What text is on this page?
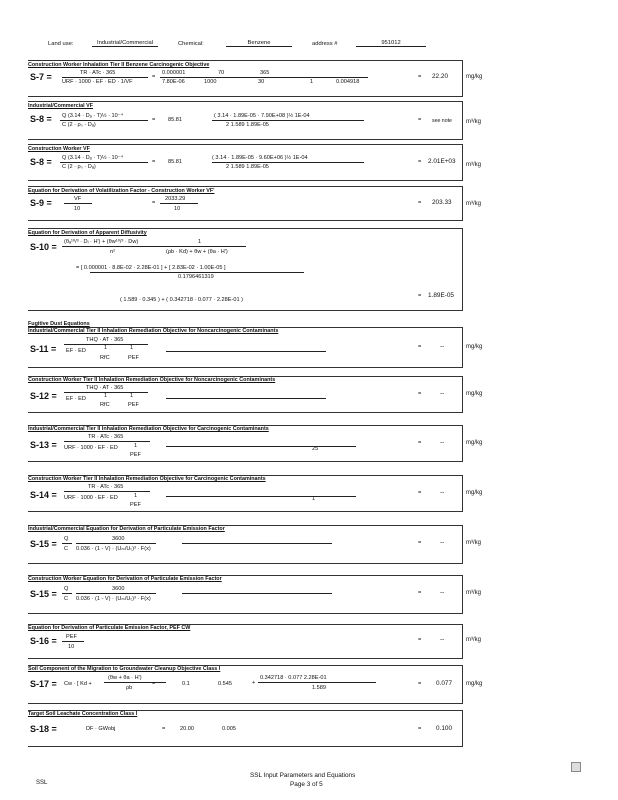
Land use:	Industrial/Commercial	Chemical:	Benzene	address #	951012
Construction Worker Inhalation Tier II Benzene Carcinogenic Objective
S-7 =	TR · ATc · 365
URF · 1000 · EF · ED · 1/VF
=
0.000001	70	365
7.80E-06	1000	30	1	0.004918
= 22.20	mg/kg
Industrial/Commercial VF
S-8 = Q (3.14 · Dₐ · T)½ · 10⁻⁴
C (2 · ρₛ · Dₐ)
= 85.81
( 3.14 · 1.89E-05 · 7.90E+08 )½ 1E-04
2 1.589 1.89E-05
= see note m³/kg
Construction Worker VF
S-8 = Q (3.14 · Dₐ · T)½ · 10⁻⁴
C (2 · ρₛ · Dₐ)
= 85.81
( 3.14 · 1.89E-05 · 9.60E+06 )½ 1E-04
2 1.589 1.89E-05
= 2.01E+03 m³/kg
Equation for Derivation of Volatilization Factor - Construction Worker VF'
S-9 =	VF
10
=
2033.29
10
= 203.33 m³/kg
Equation for Derivation of Apparent Diffusivity
S-10 = (θₐ¹⁰/³ · Dᵢ · H') + (θw¹⁰/³ · Dw)
n²
1
(ρb · Kd) + θw + (θa · H')
= [ 0.000001 · 8.8E-02 · 2.28E-01 ] + [ 2.83E-02 · 1.00E-05 ]
0.1796461319
( 1.589 · 0.345 ) + ( 0.342718 · 0.077 · 2.28E-01 )
= 1.89E-05
Fugitive Dust Equations
Industrial/Commercial Tier II Inhalation Remediation Objective for Noncarcinogenic Contaminants
S-11 =
THQ · AT · 365
EF · ED	1	1
RfC	PEF
=	--	mg/kg
Construction Worker Tier II Inhalation Remediation Objective for Noncarcinogenic Contaminants
S-12 =
THQ · AT · 365
EF · ED	1	1
RfC	PEF
=	--	mg/kg
Industrial/Commercial Tier II Inhalation Remediation Objective for Carcinogenic Contaminants
S-13 =
TR · ATc · 365
URF · 1000 · EF · ED	1
PEF
25
=	--	mg/kg
Construction Worker Tier II Inhalation Remediation Objective for Carcinogenic Contaminants
S-14 =
TR · ATc · 365
URF · 1000 · EF · ED	1
PEF
1
=	--	mg/kg
Industrial/Commercial Equation for Derivation of Particulate Emission Factor
S-15 = Q
C
3600
0.036 · (1 - V) · (Uₘ/Uₜ)³ · F(x)
=	--	m³/kg
Construction Worker Equation for Derivation of Particulate Emission Factor
S-15 = Q
C
3600
0.036 · (1 - V) · (Uₘ/Uₜ)³ · F(x)
=	--	m³/kg
Equation for Derivation of Particulate Emission Factor, PEF CW
S-16 = PEF
10
=	--	m³/kg
Soil Component of the Migration to Groundwater Cleanup Objective Class I
S-17 = Cw · [ Kd +
(θw + θa · H')
ρb
=	0.1	0.545	+
0.342718 · 0.077 2.28E-01
1.589
= 0.077 mg/kg
Target Soil Leachate Concentration Class I
S-18 =	DF · GWobj	=	20.00	0.005	= 0.100
SSL
SSL Input Parameters and Equations
Page 3 of 5
